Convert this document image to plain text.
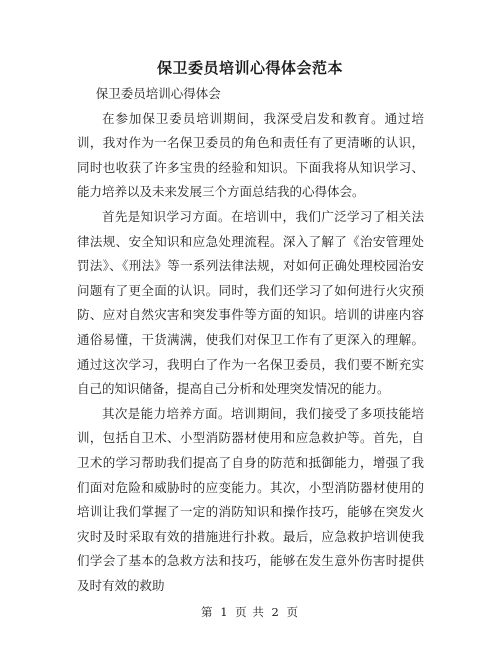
保卫委员培训心得体会范本

保卫委员培训心得体会

在参加保卫委员培训期间，我深受启发和教育。通过培训，我对作为一名保卫委员的角色和责任有了更清晰的认识，同时也收获了许多宝贵的经验和知识。下面我将从知识学习、能力培养以及未来发展三个方面总结我的心得体会。

首先是知识学习方面。在培训中，我们广泛学习了相关法律法规、安全知识和应急处理流程。深入了解了《治安管理处罚法》、《刑法》等一系列法律法规，对如何正确处理校园治安问题有了更全面的认识。同时，我们还学习了如何进行火灾预防、应对自然灾害和突发事件等方面的知识。培训的讲座内容通俗易懂，干货满满，使我们对保卫工作有了更深入的理解。通过这次学习，我明白了作为一名保卫委员，我们要不断充实自己的知识储备，提高自己分析和处理突发情况的能力。

其次是能力培养方面。培训期间，我们接受了多项技能培训，包括自卫术、小型消防器材使用和应急救护等。首先，自卫术的学习帮助我们提高了自身的防范和抵御能力，增强了我们面对危险和威胁时的应变能力。其次，小型消防器材使用的培训让我们掌握了一定的消防知识和操作技巧，能够在突发火灾时及时采取有效的措施进行扑救。最后，应急救护培训使我们学会了基本的急救方法和技巧，能够在发生意外伤害时提供及时有效的救助

第 1 页 共 2 页
